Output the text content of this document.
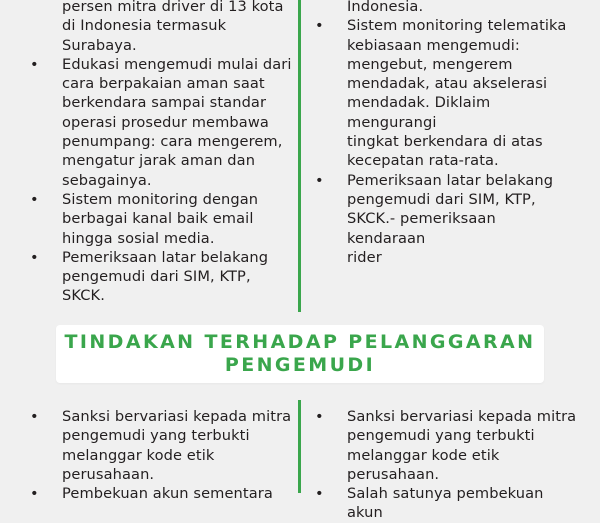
persen mitra driver di 13 kota
di Indonesia termasuk
Surabaya.
• Edukasi mengemudi mulai dari
cara berpakaian aman saat
berkendara sampai standar
operasi prosedur membawa
penumpang: cara mengerem,
mengatur jarak aman dan
sebagainya.
• Sistem monitoring dengan
berbagai kanal baik email
hingga sosial media.
• Pemeriksaan latar belakang
pengemudi dari SIM, KTP,
SKCK.
Indonesia.
• Sistem monitoring telematika
kebiasaan mengemudi:
mengebut, mengerem
mendadak, atau akselerasi
mendadak. Diklaim mengurangi
tingkat berkendara di atas
kecepatan rata-rata.
• Pemeriksaan latar belakang
pengemudi dari SIM, KTP,
SKCK.- pemeriksaan kendaraan
rider
TINDAKAN TERHADAP PELANGGARAN
PENGEMUDI
• Sanksi bervariasi kepada mitra
pengemudi yang terbukti
melanggar kode etik
perusahaan.
• Pembekuan akun sementara
• Sanksi bervariasi kepada mitra
pengemudi yang terbukti
melanggar kode etik
perusahaan.
• Salah satunya pembekuan akun
